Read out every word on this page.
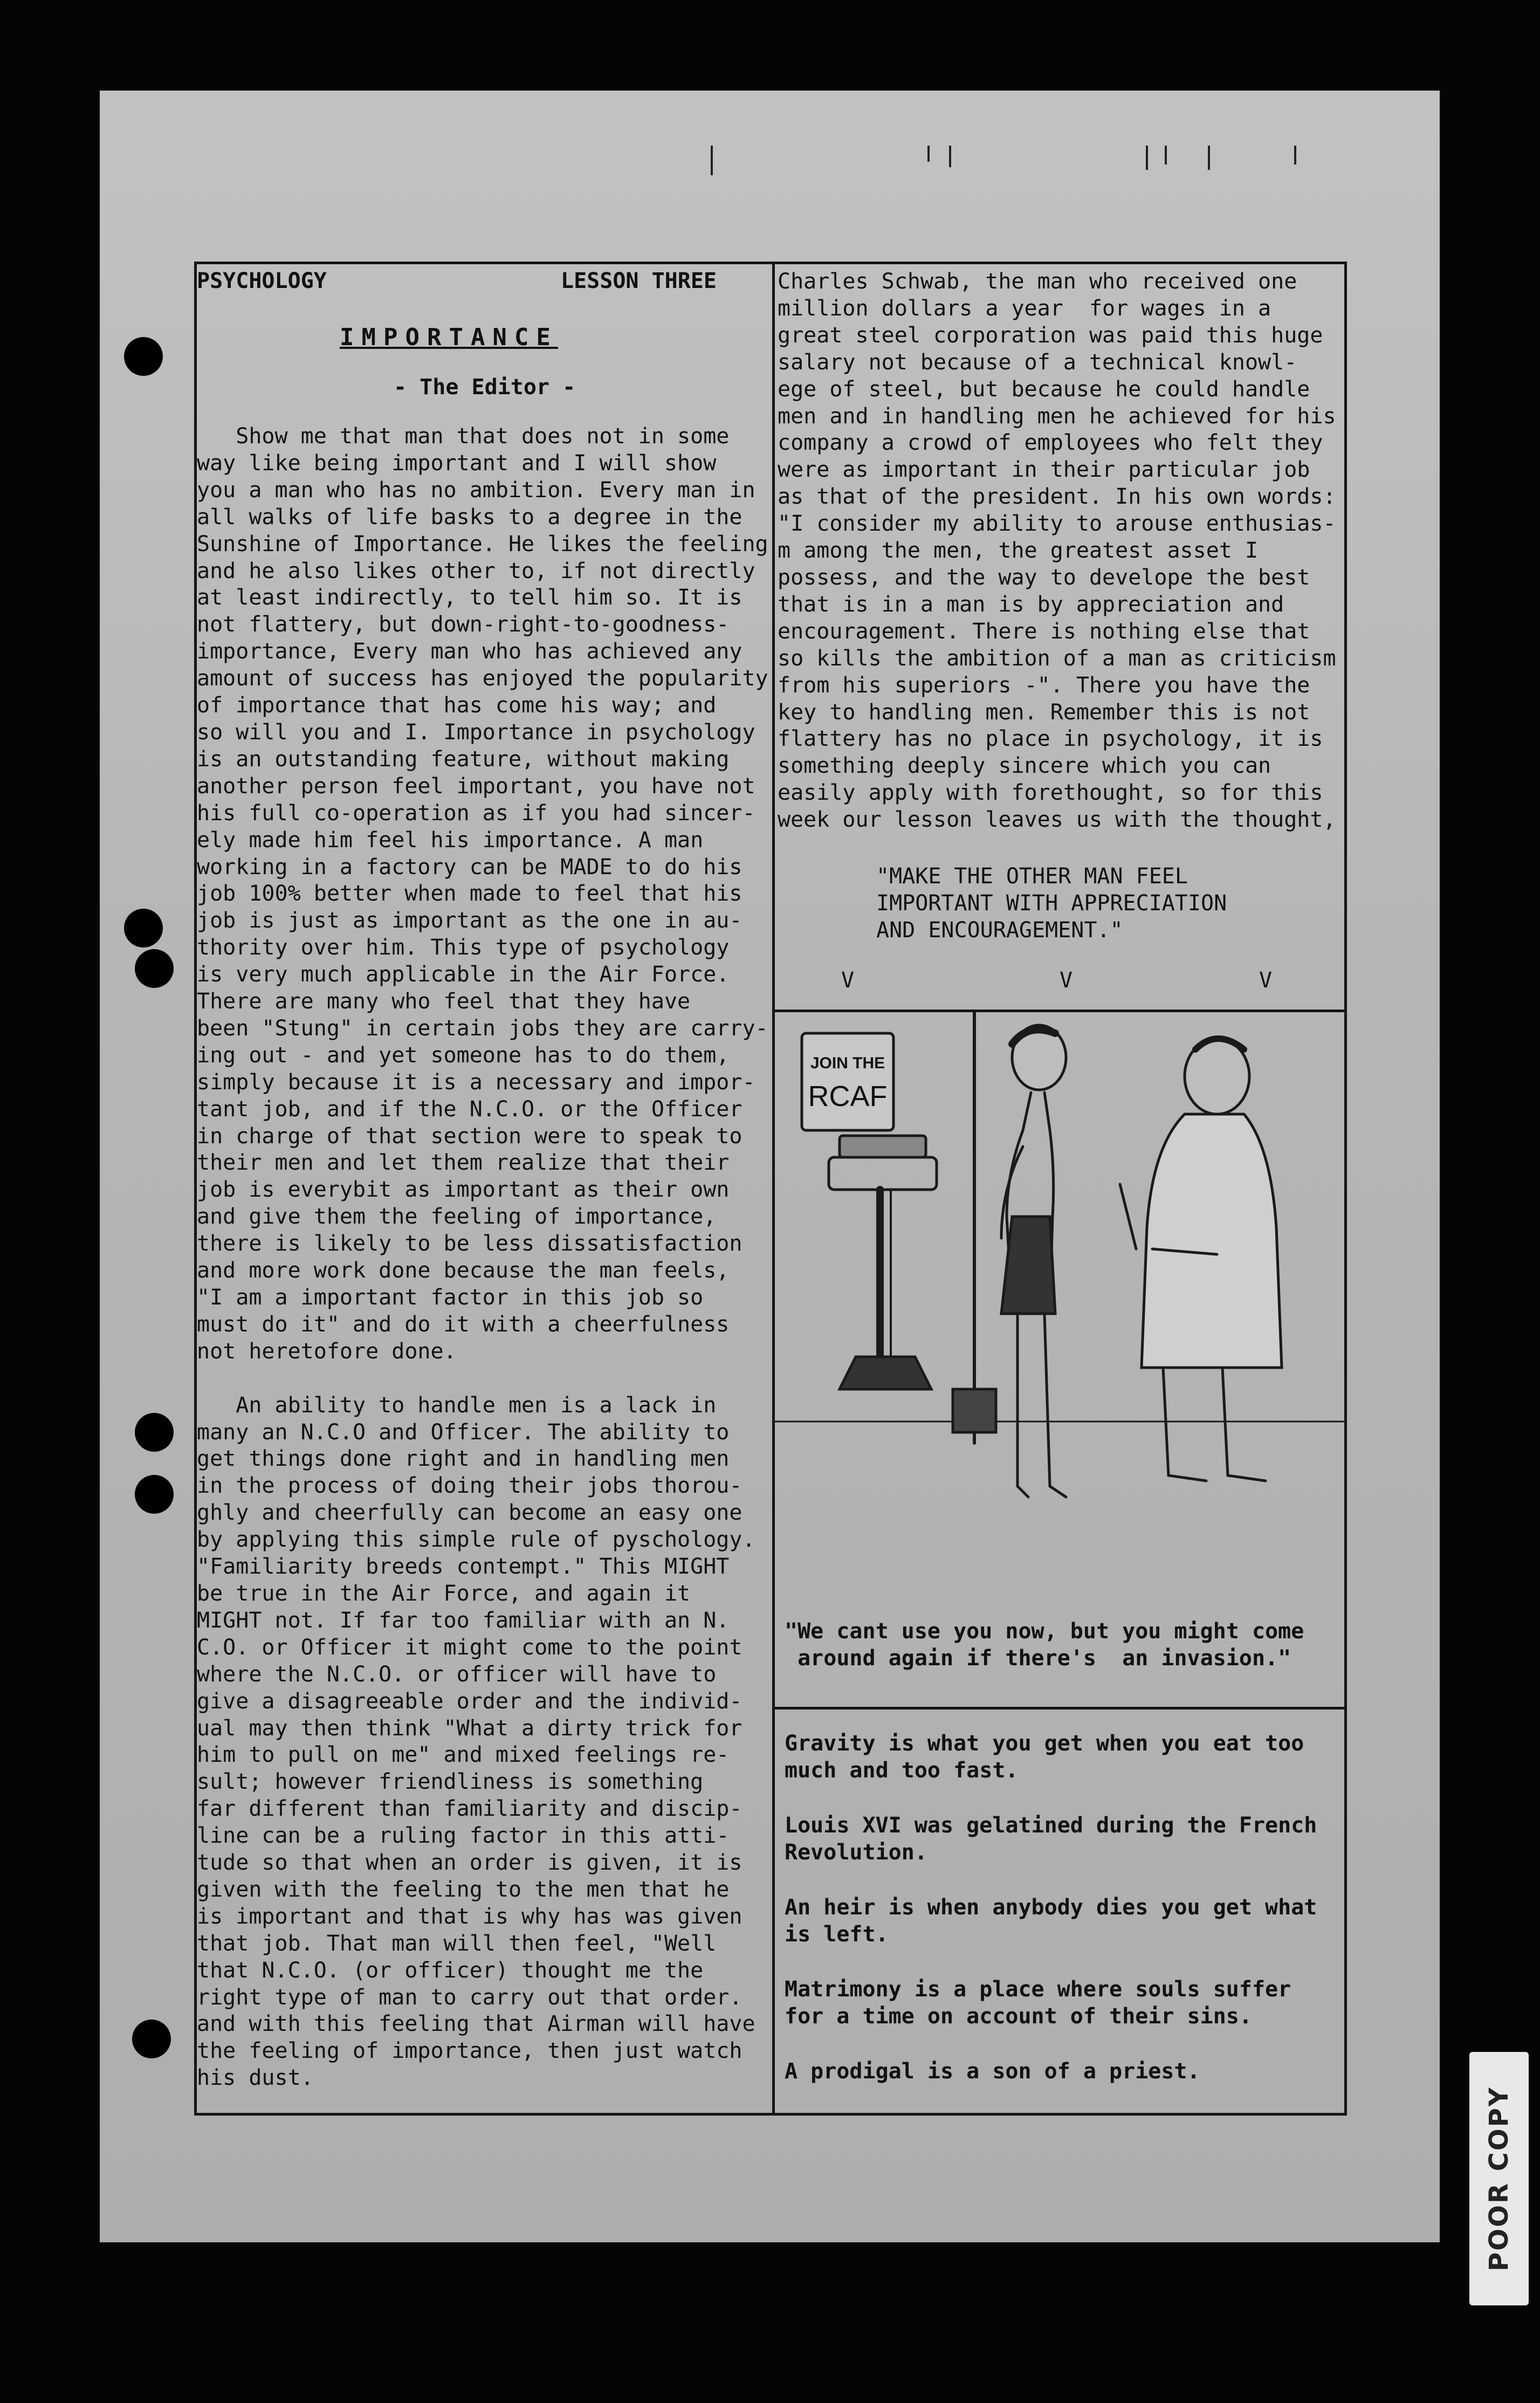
PSYCHOLOGY	LESSON THREE
IMPORTANCE
- The Editor -
Show me that man that does not in some
way like being important and I will show
you a man who has no ambition. Every man in
all walks of life basks to a degree in the
Sunshine of Importance. He likes the feeling
and he also likes other to, if not directly
at least indirectly, to tell him so. It is
not flattery, but down-right-to-goodness-
importance, Every man who has achieved any
amount of success has enjoyed the popularity
of importance that has come his way; and
so will you and I. Importance in psychology
is an outstanding feature, without making
another person feel important, you have not
his full co-operation as if you had sincer-
ely made him feel his importance. A man
working in a factory can be MADE to do his
job 100% better when made to feel that his
job is just as important as the one in au-
thority over him. This type of psychology
is very much applicable in the Air Force.
There are many who feel that they have
been "Stung" in certain jobs they are carry-
ing out - and yet someone has to do them,
simply because it is a necessary and impor-
tant job, and if the N.C.O. or the Officer
in charge of that section were to speak to
their men and let them realize that their
job is everybit as important as their own
and give them the feeling of importance,
there is likely to be less dissatisfaction
and more work done because the man feels,
"I am a important factor in this job so
must do it" and do it with a cheerfulness
not heretofore done.

An ability to handle men is a lack in
many an N.C.O and Officer. The ability to
get things done right and in handling men
in the process of doing their jobs thorou-
ghly and cheerfully can become an easy one
by applying this simple rule of pyschology.
"Familiarity breeds contempt." This MIGHT
be true in the Air Force, and again it
MIGHT not. If far too familiar with an N.
C.O. or Officer it might come to the point
where the N.C.O. or officer will have to
give a disagreeable order and the individ-
ual may then think "What a dirty trick for
him to pull on me" and mixed feelings re-
sult; however friendliness is something
far different than familiarity and discip-
line can be a ruling factor in this atti-
tude so that when an order is given, it is
given with the feeling to the men that he
is important and that is why has was given
that job. That man will then feel, "Well
that N.C.O. (or officer) thought me the
right type of man to carry out that order.
and with this feeling that Airman will have
the feeling of importance, then just watch
his dust.
Charles Schwab, the man who received one
million dollars a year  for wages in a
great steel corporation was paid this huge
salary not because of a technical knowl-
ege of steel, but because he could handle
men and in handling men he achieved for his
company a crowd of employees who felt they
were as important in their particular job
as that of the president. In his own words:
"I consider my ability to arouse enthusias-
m among the men, the greatest asset I
possess, and the way to develope the best
that is in a man is by appreciation and
encouragement. There is nothing else that
so kills the ambition of a man as criticism
from his superiors -". There you have the
key to handling men. Remember this is not
flattery has no place in psychology, it is
something deeply sincere which you can
easily apply with forethought, so for this
week our lesson leaves us with the thought,
"MAKE THE OTHER MAN FEEL
IMPORTANT WITH APPRECIATION
AND ENCOURAGEMENT."
V	V	V
JOIN THE
RCAF
"We cant use you now, but you might come
around again if there's  an invasion."

Gravity is what you get when you eat too
much and too fast.

Louis XVI was gelatined during the French
Revolution.

An heir is when anybody dies you get what
is left.

Matrimony is a place where souls suffer
for a time on account of their sins.

A prodigal is a son of a priest.

POOR COPY
